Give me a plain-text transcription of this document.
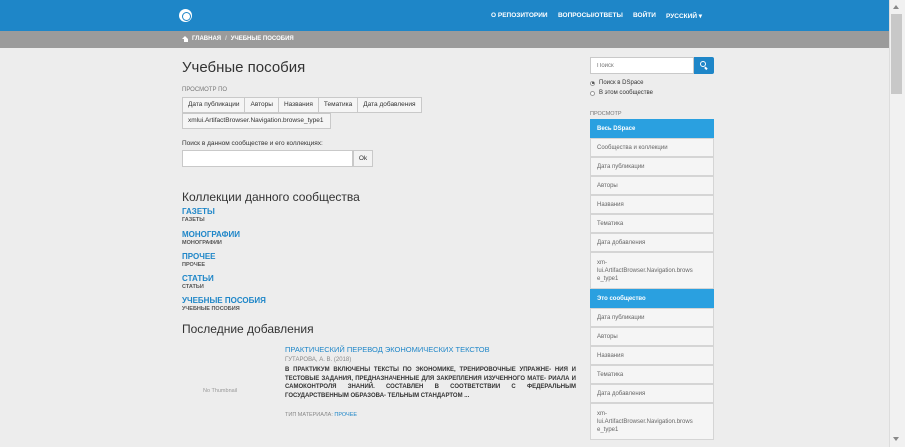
О РЕПОЗИТОРИИ ВОПРОСЫ/ОТВЕТЫ ВОЙТИ РУССКИЙ ▾
ГЛАВНАЯ / УЧЕБНЫЕ ПОСОБИЯ
Учебные пособия
ПРОСМОТР ПО
Дата публикации	Авторы	Названия	Тематика	Дата добавления
xmlui.ArtifactBrowser.Navigation.browse_type1
Поиск в данном сообществе и его коллекциях:
Ok
Коллекции данного сообщества
ГАЗЕТЫ
ГАЗЕТЫ
МОНОГРАФИИ
МОНОГРАФИИ
ПРОЧЕЕ
ПРОЧЕЕ
СТАТЬИ
СТАТЬИ
УЧЕБНЫЕ ПОСОБИЯ
УЧЕБНЫЕ ПОСОБИЯ
Последние добавления
No Thumbnail
ПРАКТИЧЕСКИЙ ПЕРЕВОД ЭКОНОМИЧЕСКИХ ТЕКСТОВ
ГУТАРОВА, А. В. (2018)
В ПРАКТИКУМ ВКЛЮЧЕНЫ ТЕКСТЫ ПО ЭКОНОМИКЕ, ТРЕНИРОВОЧНЫЕ УПРАЖНЕ- НИЯ И ТЕСТОВЫЕ ЗАДАНИЯ, ПРЕДНАЗНАЧЕННЫЕ ДЛЯ ЗАКРЕПЛЕНИЯ ИЗУЧЕННОГО МАТЕ- РИАЛА И САМОКОНТРОЛЯ ЗНАНИЙ. СОСТАВЛЕН В СООТВЕТСТВИИ С ФЕДЕРАЛЬНЫМ ГОСУДАРСТВЕННЫМ ОБРАЗОВА- ТЕЛЬНЫМ СТАНДАРТОМ ...
ТИП МАТЕРИАЛА: ПРОЧЕЕ
Поиск
Поиск в DSpace
В этом сообществе
ПРОСМОТР
Весь DSpace
Сообщества и коллекции
Дата публикации
Авторы
Названия
Тематика
Дата добавления
xm-
lui.ArtifactBrowser.Navigation.brows
e_type1
Это сообщество
Дата публикации
Авторы
Названия
Тематика
Дата добавления
xm-
lui.ArtifactBrowser.Navigation.brows
e_type1
